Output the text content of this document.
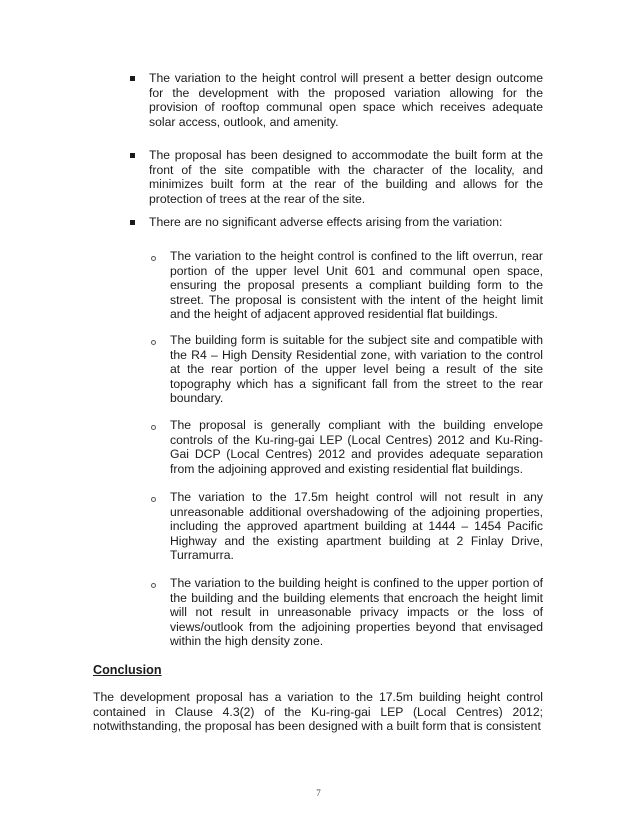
The variation to the height control will present a better design outcome for the development with the proposed variation allowing for the provision of rooftop communal open space which receives adequate solar access, outlook, and amenity.
The proposal has been designed to accommodate the built form at the front of the site compatible with the character of the locality, and minimizes built form at the rear of the building and allows for the protection of trees at the rear of the site.
There are no significant adverse effects arising from the variation:
The variation to the height control is confined to the lift overrun, rear portion of the upper level Unit 601 and communal open space, ensuring the proposal presents a compliant building form to the street. The proposal is consistent with the intent of the height limit and the height of adjacent approved residential flat buildings.
The building form is suitable for the subject site and compatible with the R4 – High Density Residential zone, with variation to the control at the rear portion of the upper level being a result of the site topography which has a significant fall from the street to the rear boundary.
The proposal is generally compliant with the building envelope controls of the Ku-ring-gai LEP (Local Centres) 2012 and Ku-Ring-Gai DCP (Local Centres) 2012 and provides adequate separation from the adjoining approved and existing residential flat buildings.
The variation to the 17.5m height control will not result in any unreasonable additional overshadowing of the adjoining properties, including the approved apartment building at 1444 – 1454 Pacific Highway and the existing apartment building at 2 Finlay Drive, Turramurra.
The variation to the building height is confined to the upper portion of the building and the building elements that encroach the height limit will not result in unreasonable privacy impacts or the loss of views/outlook from the adjoining properties beyond that envisaged within the high density zone.
Conclusion
The development proposal has a variation to the 17.5m building height control contained in Clause 4.3(2) of the Ku-ring-gai LEP (Local Centres) 2012; notwithstanding, the proposal has been designed with a built form that is consistent
7
